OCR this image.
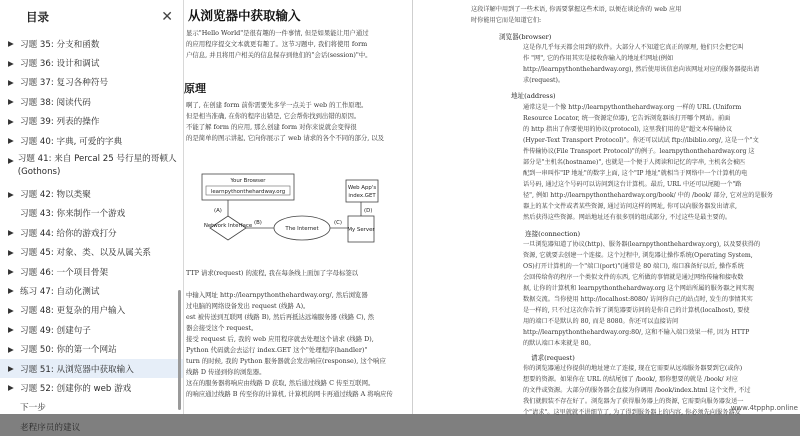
从浏览器中获取输入
显示"Hello World"是很有趣的一件事情, 但是如果能让用户通过
的应用程序提交文本就更有趣了。这节习题中, 我们将使用 form
户信息, 并且将用户相关的信息保存到他们的"会话(session)"中。
原理
啊了, 在创建 form 前你需要先多学一点关于 web 的工作原理。
但是相当准确, 在你的程序出错是, 它会帮你找到出错的原因。
不能了解 form 的应用, 那么创建 form 对你来说就会变得很
的是简单的图示讲起, 它向你展示了 web 请求的各个不同的部分, 以及
Your Browser
learnpythonthehardway.org
(A)
Network Interface (B)
The Internet
(C)
My Server
(D)
Web App's
index.GET
TTP 请求(request) 的流程, 我在每条线上面加了字母标签以
中输入网址 http://learnpythonthehardway.org/, 然后浏览器
过电脑的网络设备发出 request (线路 A)。
est 被传送到互联网 (线路 B), 然后再抵达远端服务器 (线路 C), 然
器会接受这个 request。
接受 request 后, 我的 web 应用程序就去处理这个请求 (线路 D),
Python 代码就会去运行 index.GET 这个"处理程序(handler)"
turn 的时候, 我的 Python 服务器就会发出响应(response), 这个响应
线路 D 传递到你的浏览器。
这在的服务器将响应由线路 D 获取, 然后通过线路 C 传至互联网。
的响应通过线路 B 传至你的计算机, 计算机的网卡再通过线路 A 将响应传
这段详解中用到了一些术语, 你需要掌握这些术语, 以便在谈论你的 web 应用
时你能用它而是知道它们:
浏览器(browser)
这是你几乎每天都会用到的软件。大部分人不知道它真正的原理, 他们只会把它叫
作 "网", 它的作用其实是接收你输入的地址栏网址(例如
http://learnpythonthehardway.org), 然后使用该信息向该网址对应的服务器提出请
求(request)。
地址(address)
通常这是一个像 http://learnpythonthehardway.org 一样的 URL (Uniform
Resource Locator, 统一资源定位器), 它告诉浏览器该打开哪个网站。前面
的 http 指出了你要使用的协议(protocol), 这里我们用的是"超文本传输协议
(Hyper-Text Transport Protocol)"。你还可以试试 ftp://ibiblio.org/, 这是一个"文
件传输协议(File Transport Protocol)"的例子。learnpythonthehardway.org 这
部分是"主机名(hostname)", 也就是一个便于人阅读和记忆的字串, 主机名会被匹
配到一串叫作"IP 地址"的数字上面, 这个"IP 地址"就相当于网络中一个计算机的电
话号码, 通过这个号码可以访问到这台计算机。最后, URL 中还可以尾随一个"路
径", 例如 http://learnpythonthehardway.org/book/ 中的 /book/ 部分, 它对应的是服务
器上的某个文件或者某些资源, 通过访问这样的网址, 你可以向服务器发出请求,
然后获得这些资源。网站地址还有很多别的组成部分, 不过这些是最主要的。
连接(connection)
一旦浏览器知道了协议(http)、服务器(learnpythonthehardway.org), 以及要获得的
资源, 它就要去创建一个连接。这个过程中, 浏览器让操作系统(Operating System,
OS)打开计算机的一个"端口(port)"(通常是 80 端口), 端口准备好以后, 操作系统
会回传给你的程序一个类似文件的东西, 它所做的事情就是通过网络传输和接收数
据, 让你的计算机和 learnpythonthehardway.org 这个网站所属的服务器之间实现
数据交流。当你使用 http://localhost:8080/ 访问你自己的站点时, 发生的事情其实
是一样的, 只不过这次你告诉了浏览器要访问的是你自己的计算机(localhost), 要使
用的端口不是默认的 80, 而是 8080。你还可以直接访问
http://learnpythonthehardway.org:80/, 这和不输入端口效果一样, 因为 HTTP
的默认端口本来就是 80。
请求(request)
你的浏览器通过你提供的地址建立了连接, 现在它需要从远端服务器要到它(或你)
想要的资源。如果你在 URL 的结尾加了 /book/, 那你想要的就是 /book/ 对应
的文件或资源。大部分的服务器会直接为你调用 /book/index.html 这个文件, 不过
我们就假装不存在好了。浏览器为了获得服务器上的资源, 它需要向服务器发送一
个"请求"。这里就就不讲细节了, 为了得到服务器上的内容, 你必须先向服务器发
目录	✕
▶ 习题 35: 分支和函数
▶ 习题 36: 设计和调试
▶ 习题 37: 复习各种符号
▶ 习题 38: 阅读代码
▶ 习题 39: 列表的操作
▶ 习题 40: 字典, 可爱的字典
▶ 习题 41: 来自 Percal 25 号行星的哥顿人 (Gothons)
▶ 习题 42: 物以类聚
习题 43: 你来制作一个游戏
▶ 习题 44: 给你的游戏打分
▶ 习题 45: 对象、类、以及从属关系
▶ 习题 46: 一个项目骨架
▶ 练习 47: 自动化测试
▶ 习题 48: 更复杂的用户输入
▶ 习题 49: 创建句子
▶ 习题 50: 你的第一个网站
▶ 习题 51: 从浏览器中获取输入
▶ 习题 52: 创建你的 web 游戏
下一步
老程序员的建议
www.4tpphp.online
